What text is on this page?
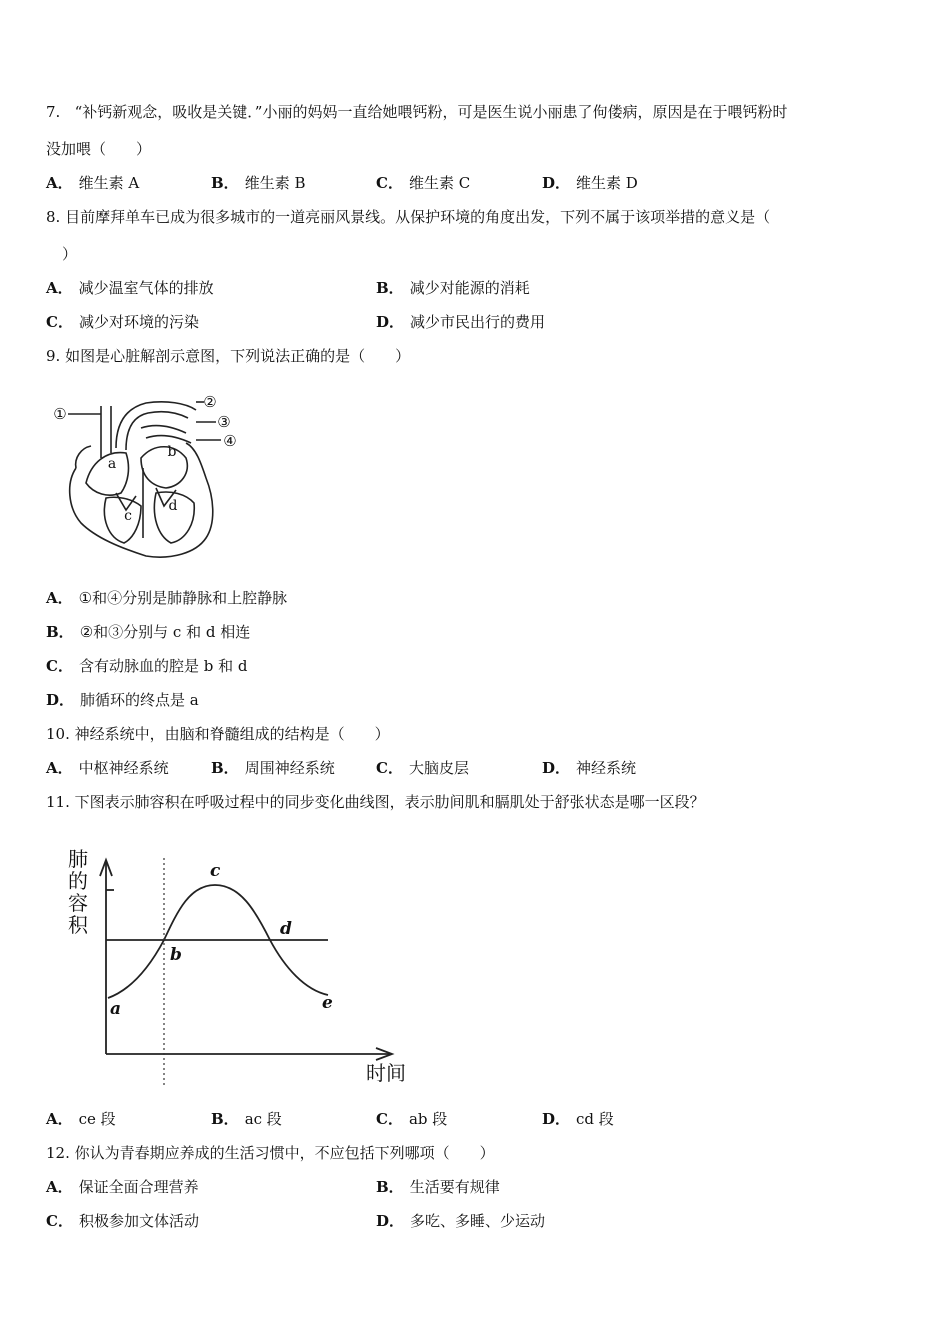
7. “补钙新观念，吸收是关键．”小丽的妈妈一直给她喂钙粉，可是医生说小丽患了佝偻病，原因是在于喂钙粉时
没加喂（　　）
A． 维生素 A	B． 维生素 B	C． 维生素 C	D． 维生素 D
8. 目前摩拜单车已成为很多城市的一道亮丽风景线。从保护环境的角度出发，下列不属于该项举措的意义是（
）
A． 减少温室气体的排放	B． 减少对能源的消耗
C． 减少对环境的污染	D． 减少市民出行的费用
9. 如图是心脏解剖示意图，下列说法正确的是（　　）
①
②
③
④
a
b
c
d
A． ①和④分别是肺静脉和上腔静脉
B． ②和③分别与 c 和 d 相连
C． 含有动脉血的腔是 b 和 d
D． 肺循环的终点是 a
10. 神经系统中，由脑和脊髓组成的结构是（　　）
A． 中枢神经系统	B． 周围神经系统	C． 大脑皮层	D． 神经系统
11. 下图表示肺容积在呼吸过程中的同步变化曲线图，表示肋间肌和膈肌处于舒张状态是哪一区段？
肺
的
容
积
时间
a
b
c
d
e
A． ce 段	B． ac 段	C． ab 段	D． cd 段
12. 你认为青春期应养成的生活习惯中，不应包括下列哪项（　　）
A． 保证全面合理营养	B． 生活要有规律
C． 积极参加文体活动	D． 多吃、多睡、少运动
